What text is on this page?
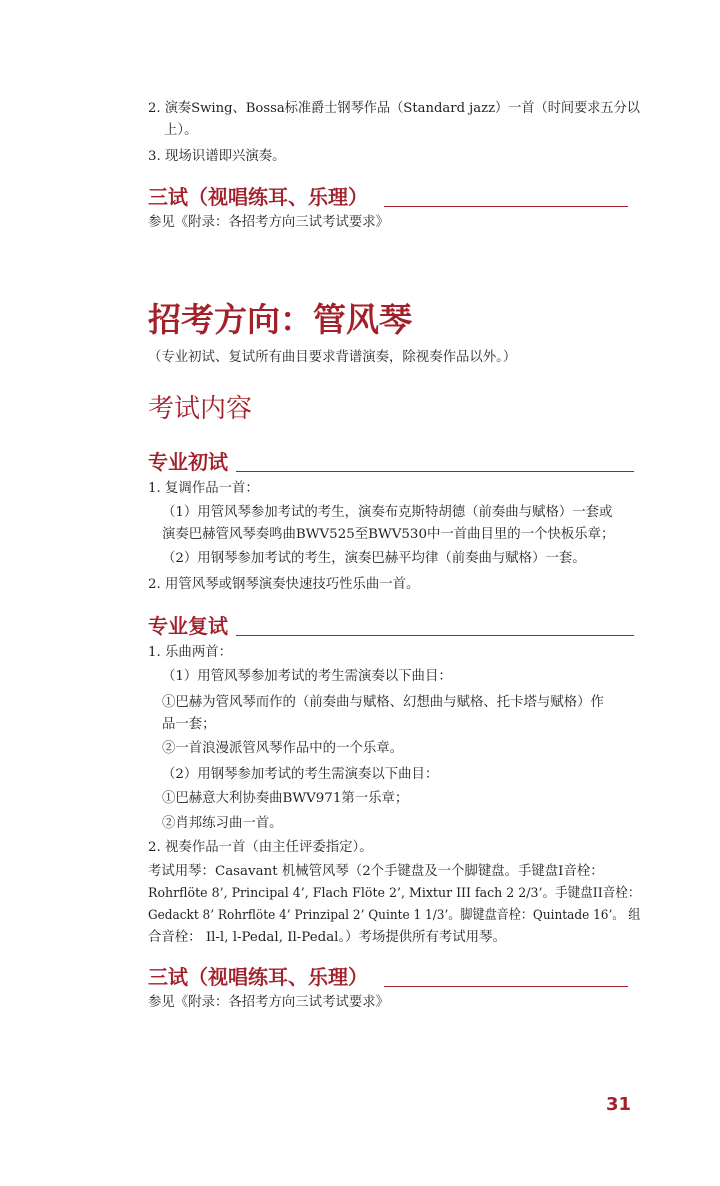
2. 演奏Swing、Bossa标准爵士钢琴作品（Standard jazz）一首（时间要求五分以
上）。
3. 现场识谱即兴演奏。
三试（视唱练耳、乐理）
参见《附录：各招考方向三试考试要求》
招考方向：管风琴
（专业初试、复试所有曲目要求背谱演奏，除视奏作品以外。）
考试内容
专业初试
1. 复调作品一首：
（1）用管风琴参加考试的考生，演奏布克斯特胡德（前奏曲与赋格）一套或
演奏巴赫管风琴奏鸣曲BWV525至BWV530中一首曲目里的一个快板乐章；
（2）用钢琴参加考试的考生，演奏巴赫平均律（前奏曲与赋格）一套。
2. 用管风琴或钢琴演奏快速技巧性乐曲一首。
专业复试
1. 乐曲两首：
（1）用管风琴参加考试的考生需演奏以下曲目：
①巴赫为管风琴而作的（前奏曲与赋格、幻想曲与赋格、托卡塔与赋格）作
品一套；
②一首浪漫派管风琴作品中的一个乐章。
（2）用钢琴参加考试的考生需演奏以下曲目：
①巴赫意大利协奏曲BWV971第一乐章；
②肖邦练习曲一首。
2. 视奏作品一首（由主任评委指定）。
考试用琴：Casavant 机械管风琴（2个手键盘及一个脚键盘。手键盘I音栓：
Rohrflöte 8’, Principal 4’, Flach Flöte 2’, Mixtur III fach 2 2/3’。手键盘II音栓：
Gedackt 8’ Rohrflöte 4’ Prinzipal 2’ Quinte 1 1/3’。脚键盘音栓：Quintade 16’。 组
合音栓： Il-l, l-Pedal, Il-Pedal。）考场提供所有考试用琴。
三试（视唱练耳、乐理）
参见《附录：各招考方向三试考试要求》
31
